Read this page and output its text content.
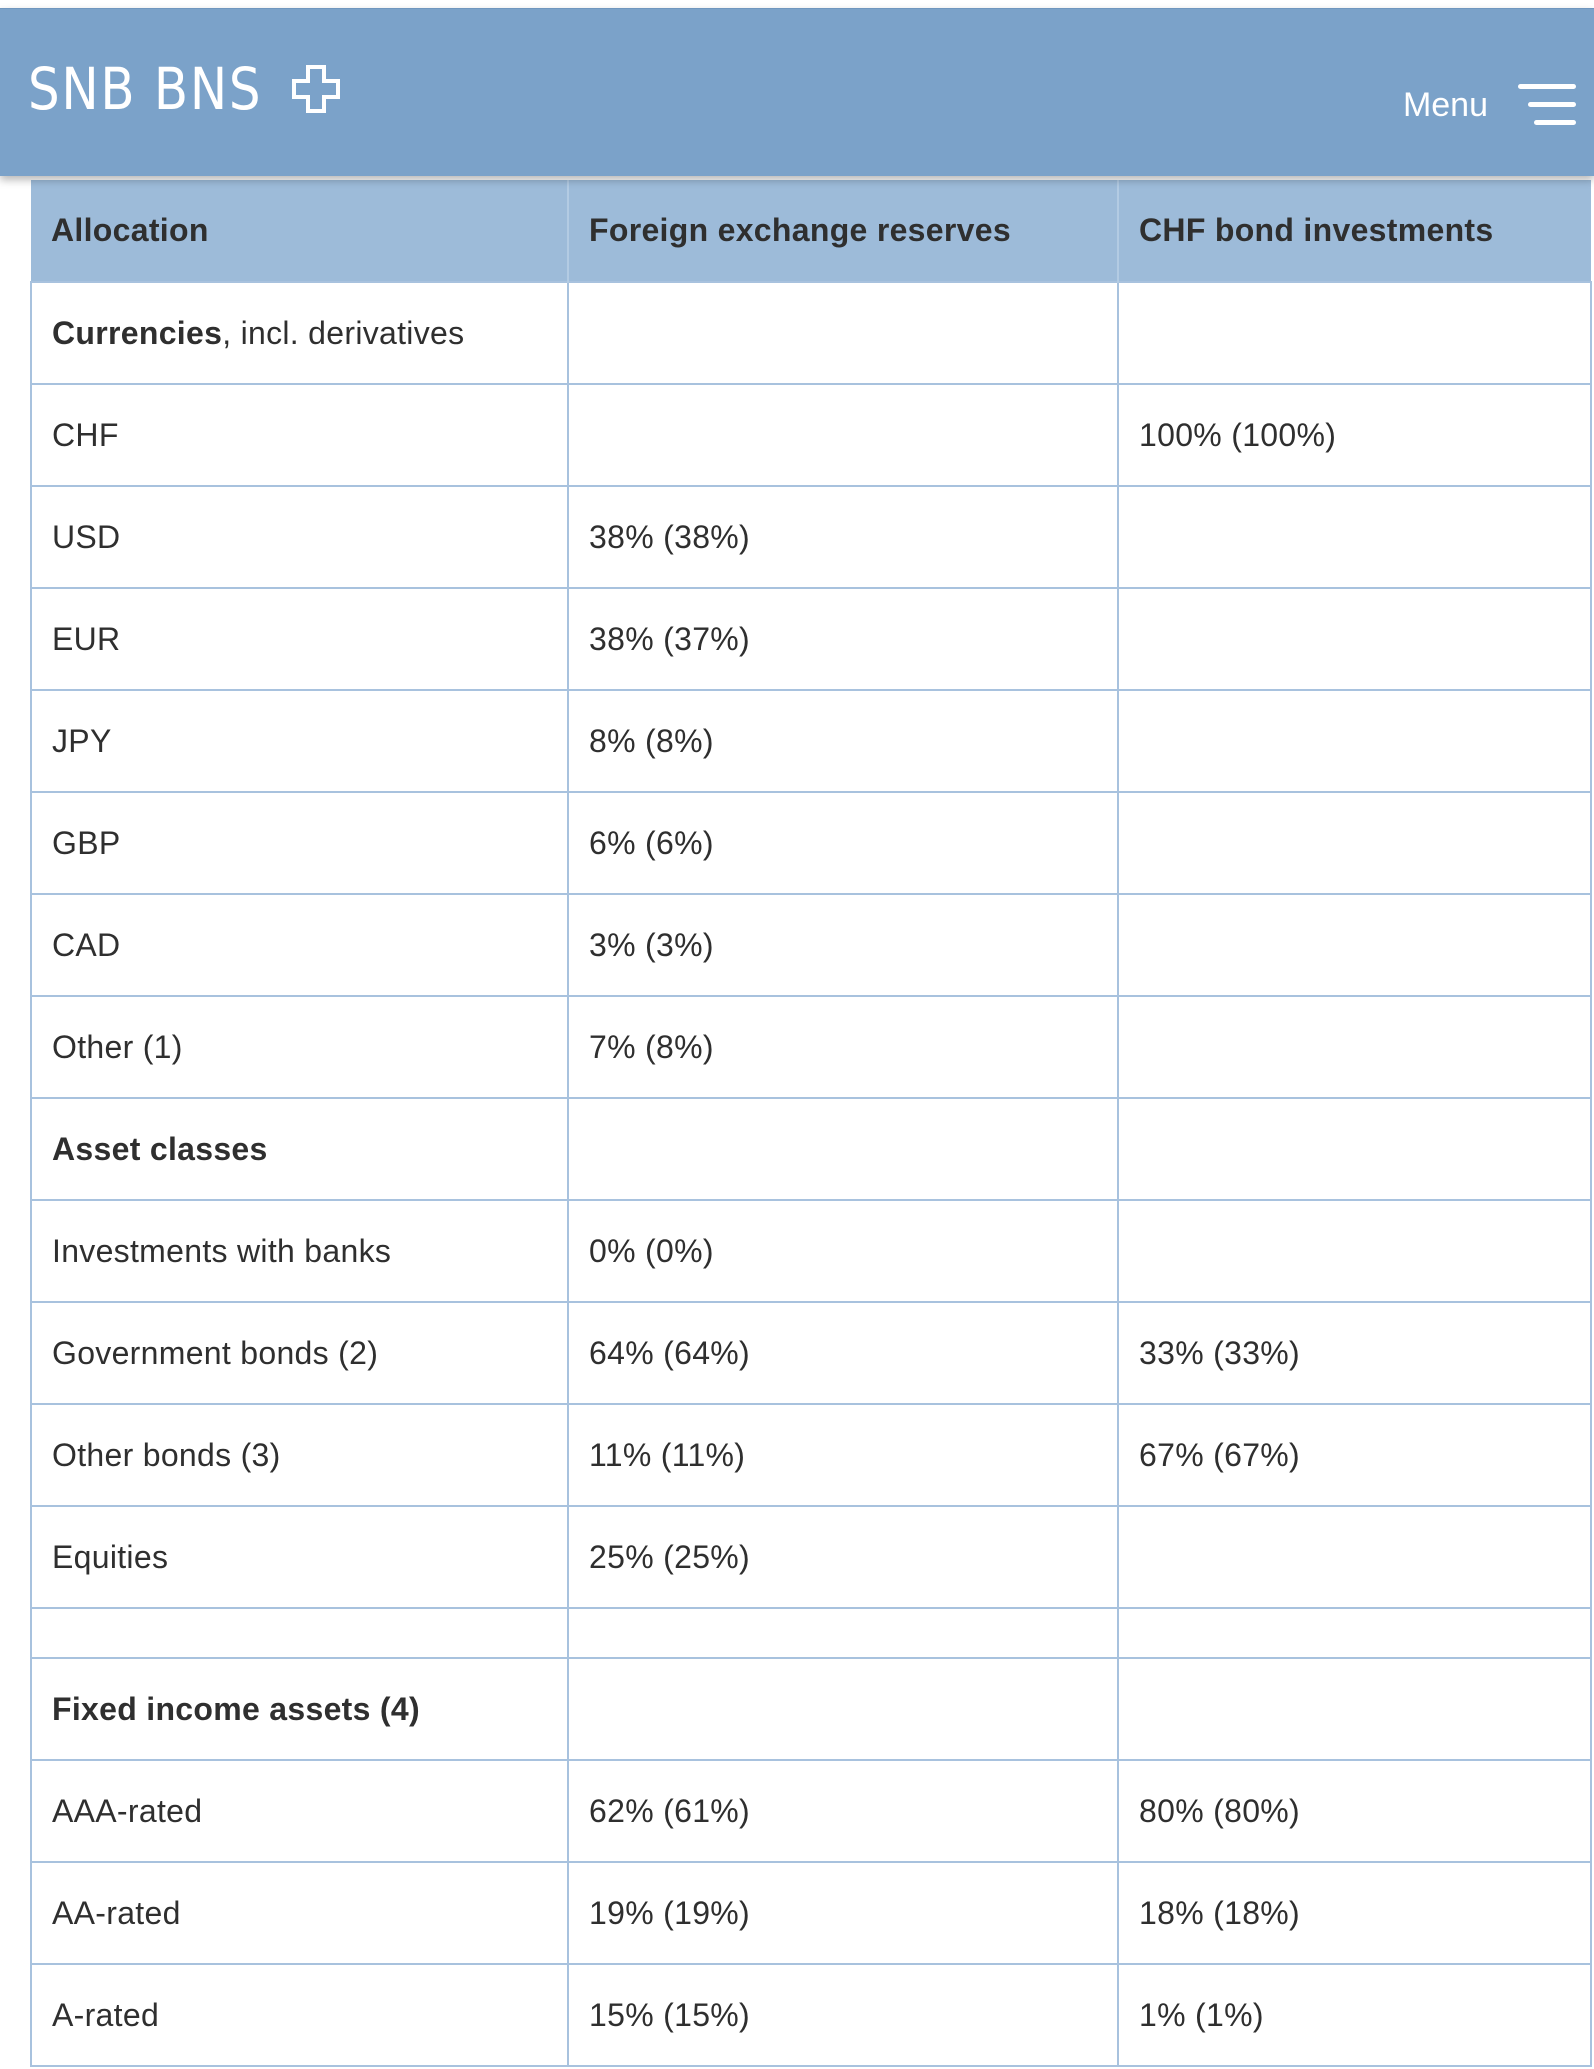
SNB BNS	Menu
Allocation	Foreign exchange reserves	CHF bond investments
Currencies, incl. derivatives		
CHF		100% (100%)
USD	38% (38%)	
EUR	38% (37%)	
JPY	8% (8%)	
GBP	6% (6%)	
CAD	3% (3%)	
Other (1)	7% (8%)	
Asset classes		
Investments with banks	0% (0%)	
Government bonds (2)	64% (64%)	33% (33%)
Other bonds (3)	11% (11%)	67% (67%)
Equities	25% (25%)	

Fixed income assets (4)		
AAA-rated	62% (61%)	80% (80%)
AA-rated	19% (19%)	18% (18%)
A-rated	15% (15%)	1% (1%)
